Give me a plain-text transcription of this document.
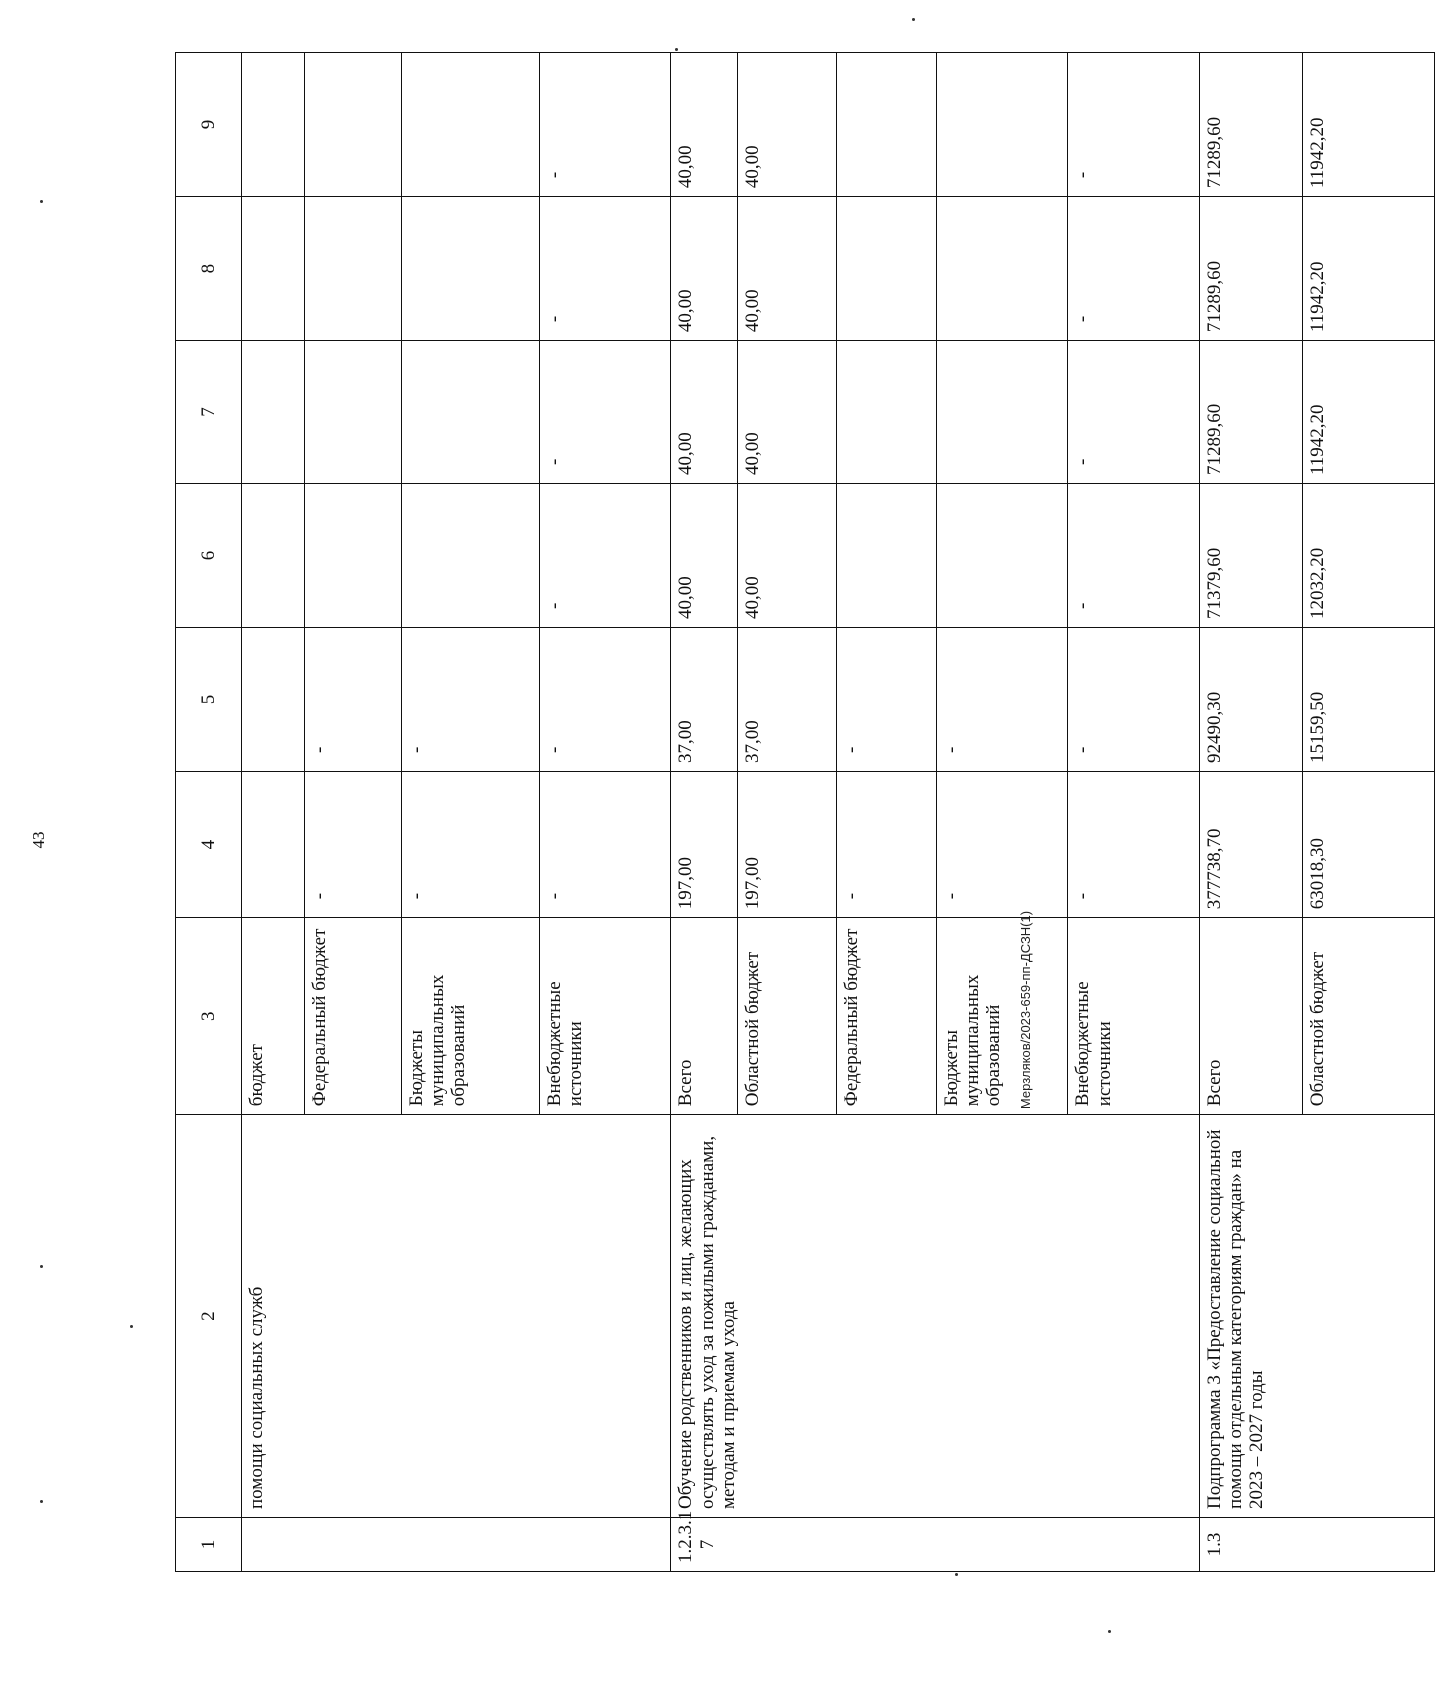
43
Мерзляков/2023-659-пп-ДСЗН(1)
1	2	3	4	5	6	7	8	9
	помощи социальных служб	бюджет						
		Федеральный бюджет	-	-				
		Бюджеты муниципальных образований	-	-				
		Внебюджетные источники	-	-	-	-	-	-
1.2.3.1 7	Обучение родственников и лиц, желающих осуществлять уход за пожилыми гражданами, методам и приемам ухода	Всего	197,00	37,00	40,00	40,00	40,00	40,00
		Областной бюджет	197,00	37,00	40,00	40,00	40,00	40,00
		Федеральный бюджет	-	-				
		Бюджеты муниципальных образований	-	-				
		Внебюджетные источники	-	-	-	-	-	-
1.3	Подпрограмма 3 «Предоставление социальной помощи отдельным категориям граждан» на 2023 – 2027 годы	Всего	377738,70	92490,30	71379,60	71289,60	71289,60	71289,60
		Областной бюджет	63018,30	15159,50	12032,20	11942,20	11942,20	11942,20
